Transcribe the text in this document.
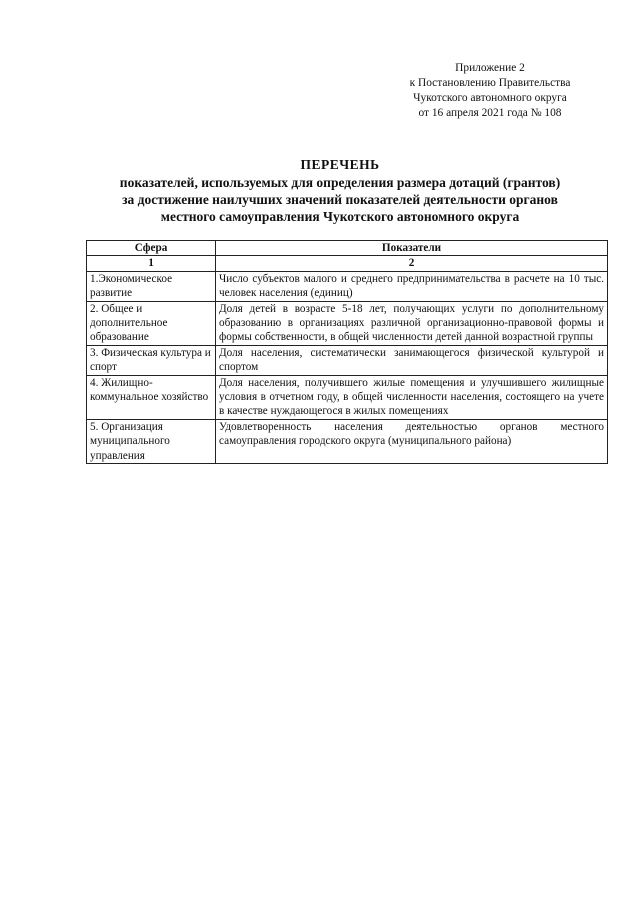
Приложение 2
к Постановлению Правительства
Чукотского автономного округа
от 16 апреля 2021 года № 108
ПЕРЕЧЕНЬ
показателей, используемых для определения размера дотаций (грантов)
за достижение наилучших значений показателей деятельности органов
местного самоуправления Чукотского автономного округа
Сфера	Показатели
1	2
1.Экономическое развитие	Число субъектов малого и среднего предпринимательства в расчете на 10 тыс. человек населения (единиц)
2. Общее и дополнительное образование	Доля детей в возрасте 5-18 лет, получающих услуги по дополнительному образованию в организациях различной организационно-правовой формы и формы собственности, в общей численности детей данной возрастной группы
3. Физическая культура и спорт	Доля населения, систематически занимающегося физической культурой и спортом
4. Жилищно-коммунальное хозяйство	Доля населения, получившего жилые помещения и улучшившего жилищные условия в отчетном году, в общей численности населения, состоящего на учете в качестве нуждающегося в жилых помещениях
5. Организация муниципального управления	Удовлетворенность населения деятельностью органов местного самоуправления городского округа (муниципального района)
